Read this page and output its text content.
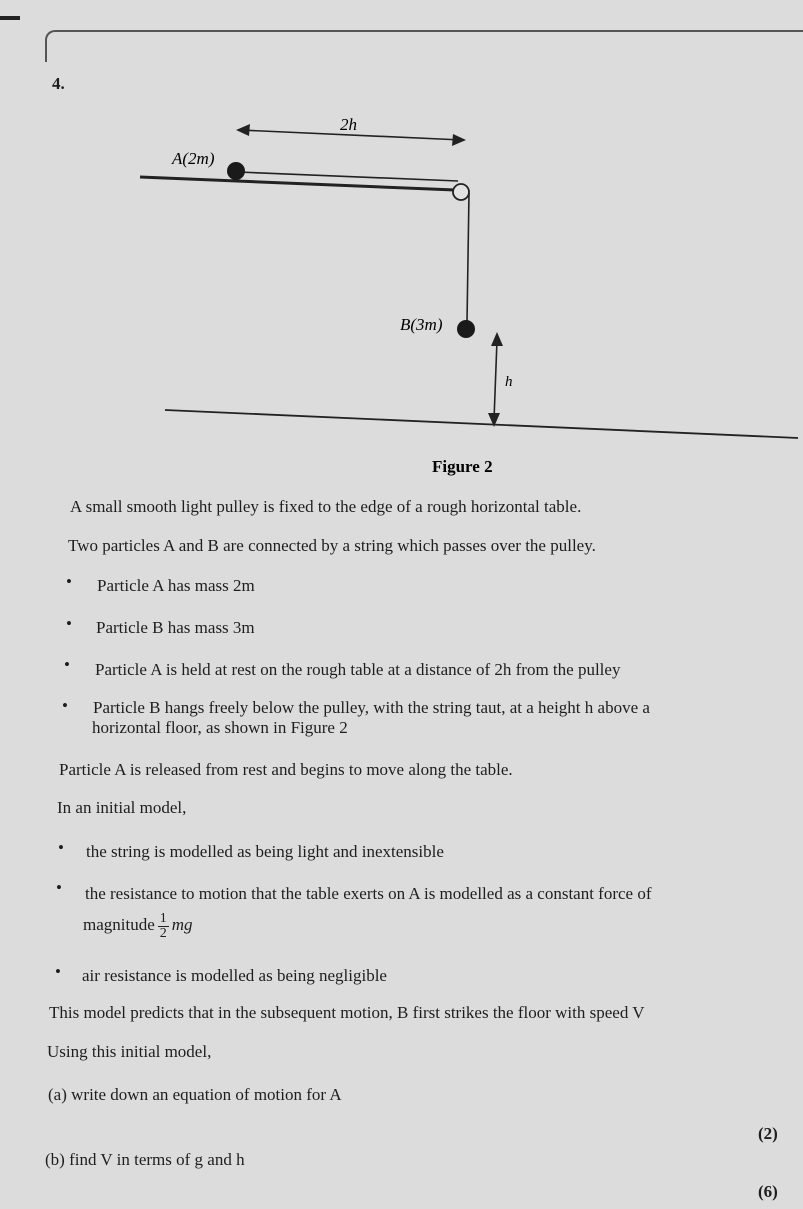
4.
2h
A(2m)
B(3m)
h
Figure 2
A small smooth light pulley is fixed to the edge of a rough horizontal table.
Two particles A and B are connected by a string which passes over the pulley.
• Particle A has mass 2m
• Particle B has mass 3m
• Particle A is held at rest on the rough table at a distance of 2h from the pulley
• Particle B hangs freely below the pulley, with the string taut, at a height h above a
horizontal floor, as shown in Figure 2
Particle A is released from rest and begins to move along the table.
In an initial model,
• the string is modelled as being light and inextensible
• the resistance to motion that the table exerts on A is modelled as a constant force of
magnitude $\frac{1}{2}$ mg
• air resistance is modelled as being negligible
This model predicts that in the subsequent motion, B first strikes the floor with speed V
Using this initial model,
(a) write down an equation of motion for A
(2)
(b) find V in terms of g and h
(6)
